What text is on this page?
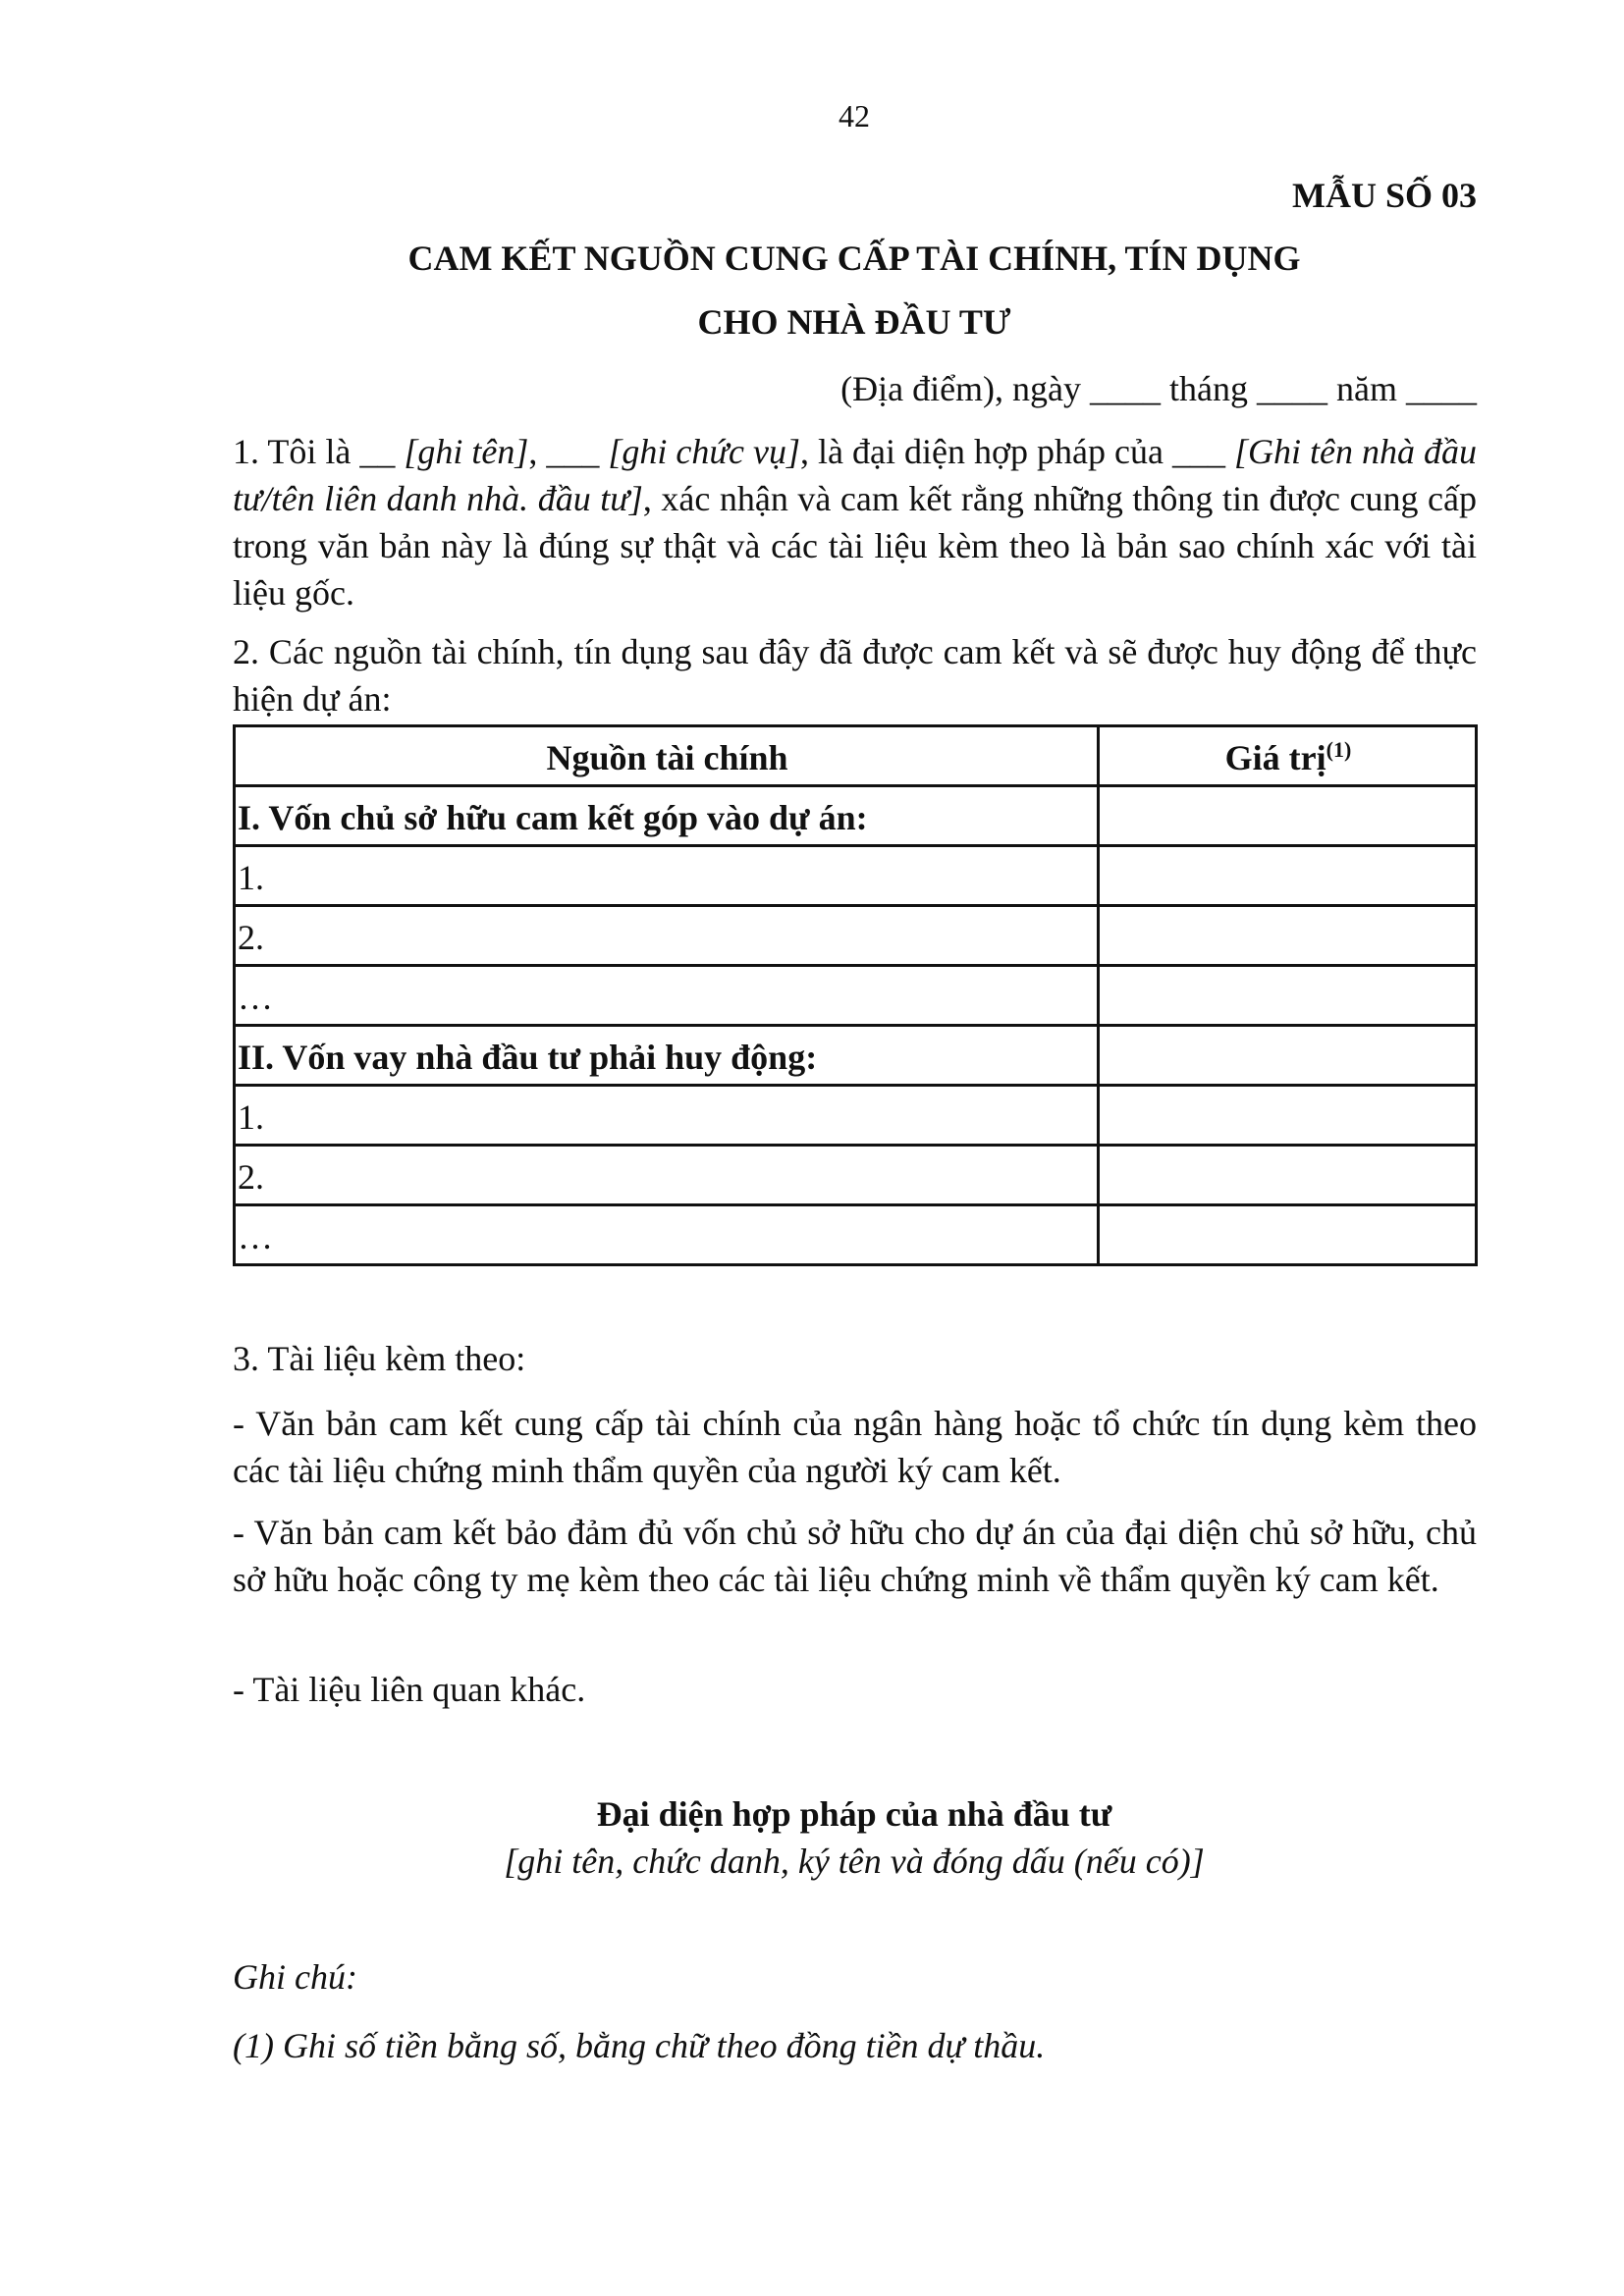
42
MẪU SỐ 03
CAM KẾT NGUỒN CUNG CẤP TÀI CHÍNH, TÍN DỤNG
CHO NHÀ ĐẦU TƯ
(Địa điểm), ngày ____ tháng ____ năm ____
1. Tôi là __ [ghi tên], ___ [ghi chức vụ], là đại diện hợp pháp của ___ [Ghi tên nhà đầu tư/tên liên danh nhà. đầu tư], xác nhận và cam kết rằng những thông tin được cung cấp trong văn bản này là đúng sự thật và các tài liệu kèm theo là bản sao chính xác với tài liệu gốc.
2. Các nguồn tài chính, tín dụng sau đây đã được cam kết và sẽ được huy động để thực hiện dự án:
Nguồn tài chính	Giá trị$^{(1)}$
I. Vốn chủ sở hữu cam kết góp vào dự án:	
1.	
2.	
…	
II. Vốn vay nhà đầu tư phải huy động:	
1.	
2.	
…	
3. Tài liệu kèm theo:
- Văn bản cam kết cung cấp tài chính của ngân hàng hoặc tổ chức tín dụng kèm theo các tài liệu chứng minh thẩm quyền của người ký cam kết.
- Văn bản cam kết bảo đảm đủ vốn chủ sở hữu cho dự án của đại diện chủ sở hữu, chủ sở hữu hoặc công ty mẹ kèm theo các tài liệu chứng minh về thẩm quyền ký cam kết.
- Tài liệu liên quan khác.
Đại diện hợp pháp của nhà đầu tư
[ghi tên, chức danh, ký tên và đóng dấu (nếu có)]
Ghi chú:
(1) Ghi số tiền bằng số, bằng chữ theo đồng tiền dự thầu.
